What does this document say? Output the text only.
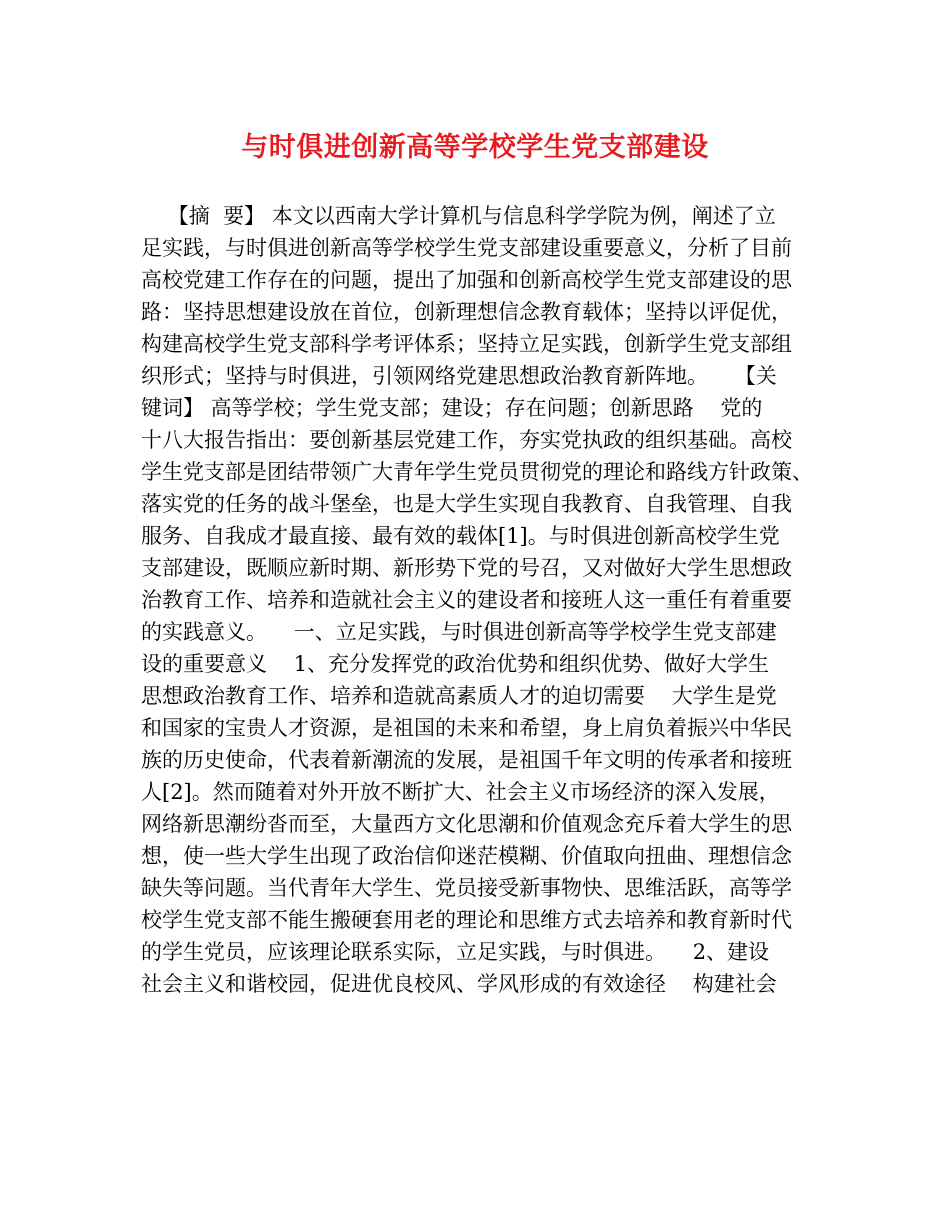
与时俱进创新高等学校学生党支部建设
【摘  要】 本文以西南大学计算机与信息科学学院为例，阐述了立
足实践，与时俱进创新高等学校学生党支部建设重要意义，分析了目前
高校党建工作存在的问题，提出了加强和创新高校学生党支部建设的思
路：坚持思想建设放在首位，创新理想信念教育载体；坚持以评促优，
构建高校学生党支部科学考评体系；坚持立足实践，创新学生党支部组
织形式；坚持与时俱进，引领网络党建思想政治教育新阵地。    【关
键词】 高等学校；学生党支部；建设；存在问题；创新思路    党的
十八大报告指出：要创新基层党建工作，夯实党执政的组织基础。高校
学生党支部是团结带领广大青年学生党员贯彻党的理论和路线方针政策、
落实党的任务的战斗堡垒，也是大学生实现自我教育、自我管理、自我
服务、自我成才最直接、最有效的载体[1]。与时俱进创新高校学生党
支部建设，既顺应新时期、新形势下党的号召，又对做好大学生思想政
治教育工作、培养和造就社会主义的建设者和接班人这一重任有着重要
的实践意义。    一、立足实践，与时俱进创新高等学校学生党支部建
设的重要意义    1、充分发挥党的政治优势和组织优势、做好大学生
思想政治教育工作、培养和造就高素质人才的迫切需要    大学生是党
和国家的宝贵人才资源，是祖国的未来和希望，身上肩负着振兴中华民
族的历史使命，代表着新潮流的发展，是祖国千年文明的传承者和接班
人[2]。然而随着对外开放不断扩大、社会主义市场经济的深入发展，
网络新思潮纷沓而至，大量西方文化思潮和价值观念充斥着大学生的思
想，使一些大学生出现了政治信仰迷茫模糊、价值取向扭曲、理想信念
缺失等问题。当代青年大学生、党员接受新事物快、思维活跃，高等学
校学生党支部不能生搬硬套用老的理论和思维方式去培养和教育新时代
的学生党员，应该理论联系实际，立足实践，与时俱进。    2、建设
社会主义和谐校园，促进优良校风、学风形成的有效途径    构建社会
